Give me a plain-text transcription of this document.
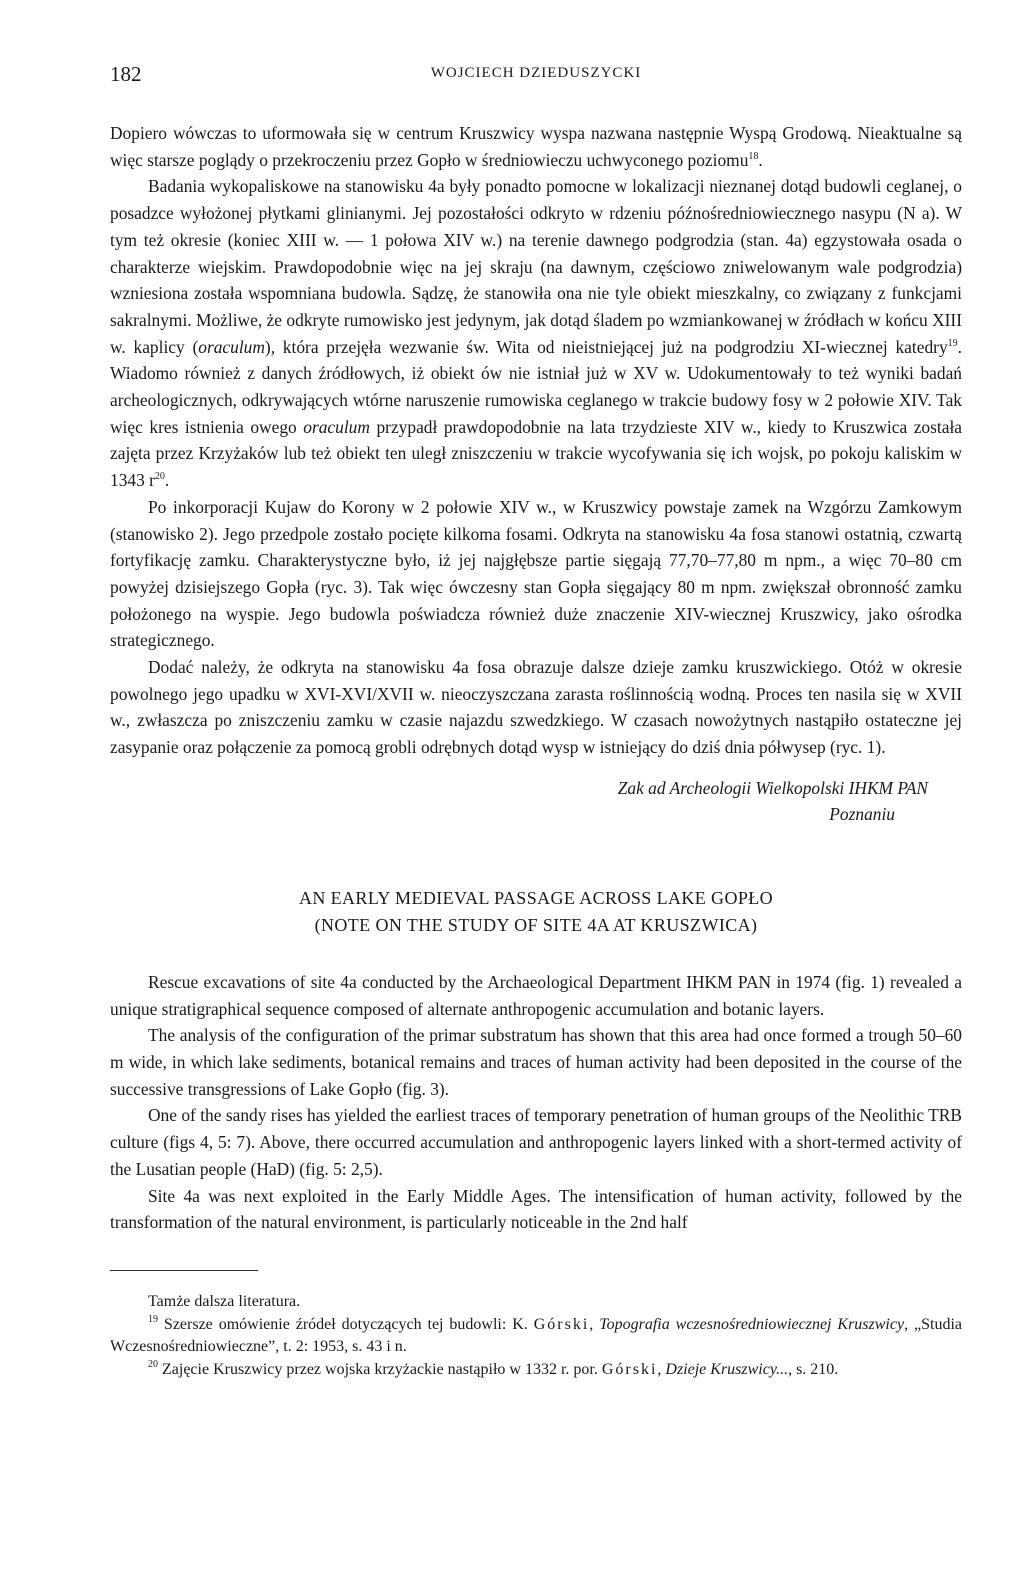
182	WOJCIECH DZIEDUSZYCKI

Dopiero wówczas to uformowała się w centrum Kruszwicy wyspa nazwana następnie Wyspą Grodową. Nieaktualne są więc starsze poglądy o przekroczeniu przez Gopło w średniowieczu uchwyconego poziomu$^{18}$.

Badania wykopaliskowe na stanowisku 4a były ponadto pomocne w lokalizacji nieznanej dotąd budowli ceglanej, o posadzce wyłożonej płytkami glinianymi. Jej pozostałości odkryto w rdzeniu późnośredniowiecznego nasypu (N a). W tym też okresie (koniec XIII w. — 1 połowa XIV w.) na terenie dawnego podgrodzia (stan. 4a) egzystowała osada o charakterze wiejskim. Prawdopodobnie więc na jej skraju (na dawnym, częściowo zniwelowanym wale podgrodzia) wzniesiona została wspomniana budowla. Sądzę, że stanowiła ona nie tyle obiekt mieszkalny, co związany z funkcjami sakralnymi. Możliwe, że odkryte rumowisko jest jedynym, jak dotąd śladem po wzmiankowanej w źródłach w końcu XIII w. kaplicy (oraculum), która przejęła wezwanie św. Wita od nieistniejącej już na podgrodziu XI-wiecznej katedry$^{19}$. Wiadomo również z danych źródłowych, iż obiekt ów nie istniał już w XV w. Udokumentowały to też wyniki badań archeologicznych, odkrywających wtórne naruszenie rumowiska ceglanego w trakcie budowy fosy w 2 połowie XIV. Tak więc kres istnienia owego oraculum przypadł prawdopodobnie na lata trzydzieste XIV w., kiedy to Kruszwica została zajęta przez Krzyżaków lub też obiekt ten uległ zniszczeniu w trakcie wycofywania się ich wojsk, po pokoju kaliskim w 1343 $r^{20}$.

Po inkorporacji Kujaw do Korony w 2 połowie XIV w., w Kruszwicy powstaje zamek na Wzgórzu Zamkowym (stanowisko 2). Jego przedpole zostało pocięte kilkoma fosami. Odkryta na stanowisku 4a fosa stanowi ostatnią, czwartą fortyfikację zamku. Charakterystyczne było, iż jej najgłębsze partie sięgają 77,70–77,80 m npm., a więc 70–80 cm powyżej dzisiejszego Gopła (ryc. 3). Tak więc ówczesny stan Gopła sięgający 80 m npm. zwiększał obronność zamku położonego na wyspie. Jego budowla poświadcza również duże znaczenie XIV-wiecznej Kruszwicy, jako ośrodka strategicznego.

Dodać należy, że odkryta na stanowisku 4a fosa obrazuje dalsze dzieje zamku kruszwickiego. Otóż w okresie powolnego jego upadku w XVI-XVI/XVII w. nieoczyszczana zarasta roślinnością wodną. Proces ten nasila się w XVII w., zwłaszcza po zniszczeniu zamku w czasie najazdu szwedzkiego. W czasach nowożytnych nastąpiło ostateczne jej zasypanie oraz połączenie za pomocą grobli odrębnych dotąd wysp w istniejący do dziś dnia półwysep (ryc. 1).

Zak ad Archeologii Wielkopolski IHKM PAN
Poznaniu
AN EARLY MEDIEVAL PASSAGE ACROSS LAKE GOPŁO
(NOTE ON THE STUDY OF SITE 4A AT KRUSZWICA)

Rescue excavations of site 4a conducted by the Archaeological Department IHKM PAN in 1974 (fig. 1) revealed a unique stratigraphical sequence composed of alternate anthropogenic accumulation and botanic layers.

The analysis of the configuration of the primar substratum has shown that this area had once formed a trough 50–60 m wide, in which lake sediments, botanical remains and traces of human activity had been deposited in the course of the successive transgressions of Lake Gopło (fig. 3).

One of the sandy rises has yielded the earliest traces of temporary penetration of human groups of the Neolithic TRB culture (figs 4, 5: 7). Above, there occurred accumulation and anthropogenic layers linked with a short-termed activity of the Lusatian people (HaD) (fig. 5: 2,5).

Site 4a was next exploited in the Early Middle Ages. The intensification of human activity, followed by the transformation of the natural environment, is particularly noticeable in the 2nd half

Tamże dalsza literatura.
$^{19}$ Szersze omówienie źródeł dotyczących tej budowli: K. Górski, Topografia wczesnośredniowiecznej Kruszwicy, „Studia Wczesnośredniowieczne”, t. 2: 1953, s. 43 i n.
$^{20}$ Zajęcie Kruszwicy przez wojska krzyżackie nastąpiło w 1332 r. por. Górski, Dzieje Kruszwicy..., s. 210.
